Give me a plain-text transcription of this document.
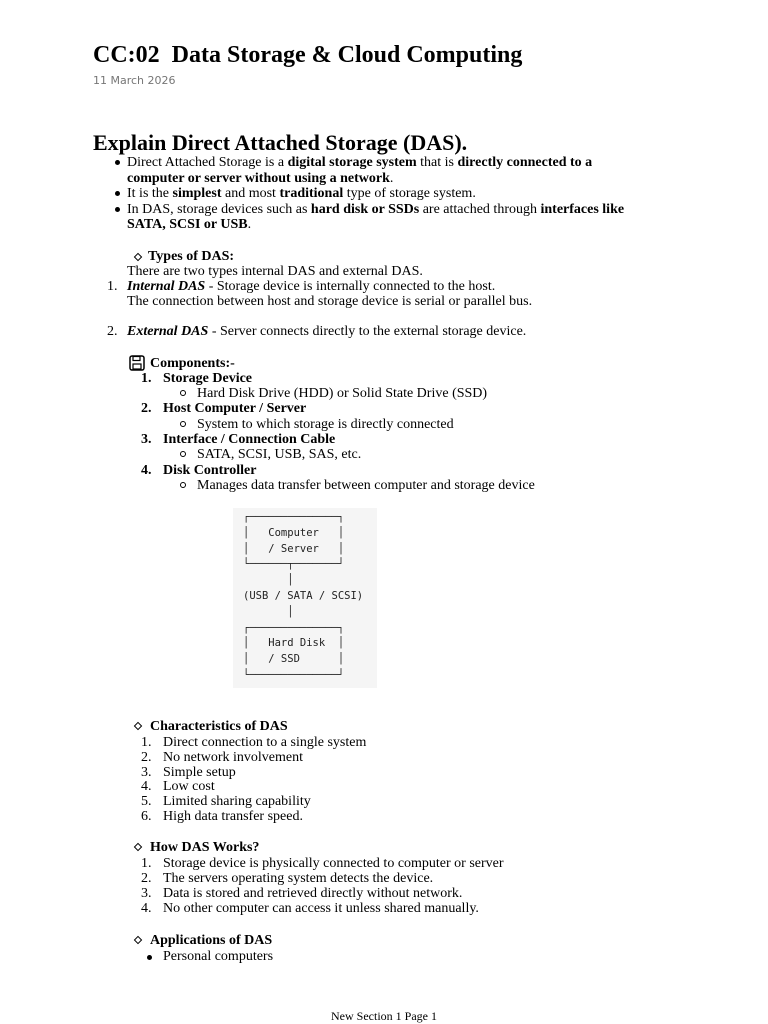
CC:02  Data Storage & Cloud Computing
11 March 2026
Explain Direct Attached Storage (DAS).
Direct Attached Storage is a digital storage system that is directly connected to a
computer or server without using a network.
It is the simplest and most traditional type of storage system.
In DAS, storage devices such as hard disk or SSDs are attached through interfaces like
SATA, SCSI or USB.
Types of DAS:
There are two types internal DAS and external DAS.
1. Internal DAS - Storage device is internally connected to the host.
The connection between host and storage device is serial or parallel bus.
2. External DAS - Server connects directly to the external storage device.
Components:-
1. Storage Device
Hard Disk Drive (HDD) or Solid State Drive (SSD)
2. Host Computer / Server
System to which storage is directly connected
3. Interface / Connection Cable
SATA, SCSI, USB, SAS, etc.
4. Disk Controller
Manages data transfer between computer and storage device
┌──────────────┐
│   Computer   │
│   / Server   │
└──────┬───────┘
│
(USB / SATA / SCSI)
│
┌──────────────┐
│   Hard Disk  │
│   / SSD      │
└──────────────┘
Characteristics of DAS
1. Direct connection to a single system
2. No network involvement
3. Simple setup
4. Low cost
5. Limited sharing capability
6. High data transfer speed.
How DAS Works?
1. Storage device is physically connected to computer or server
2. The servers operating system detects the device.
3. Data is stored and retrieved directly without network.
4. No other computer can access it unless shared manually.
Applications of DAS
Personal computers
New Section 1 Page 1
